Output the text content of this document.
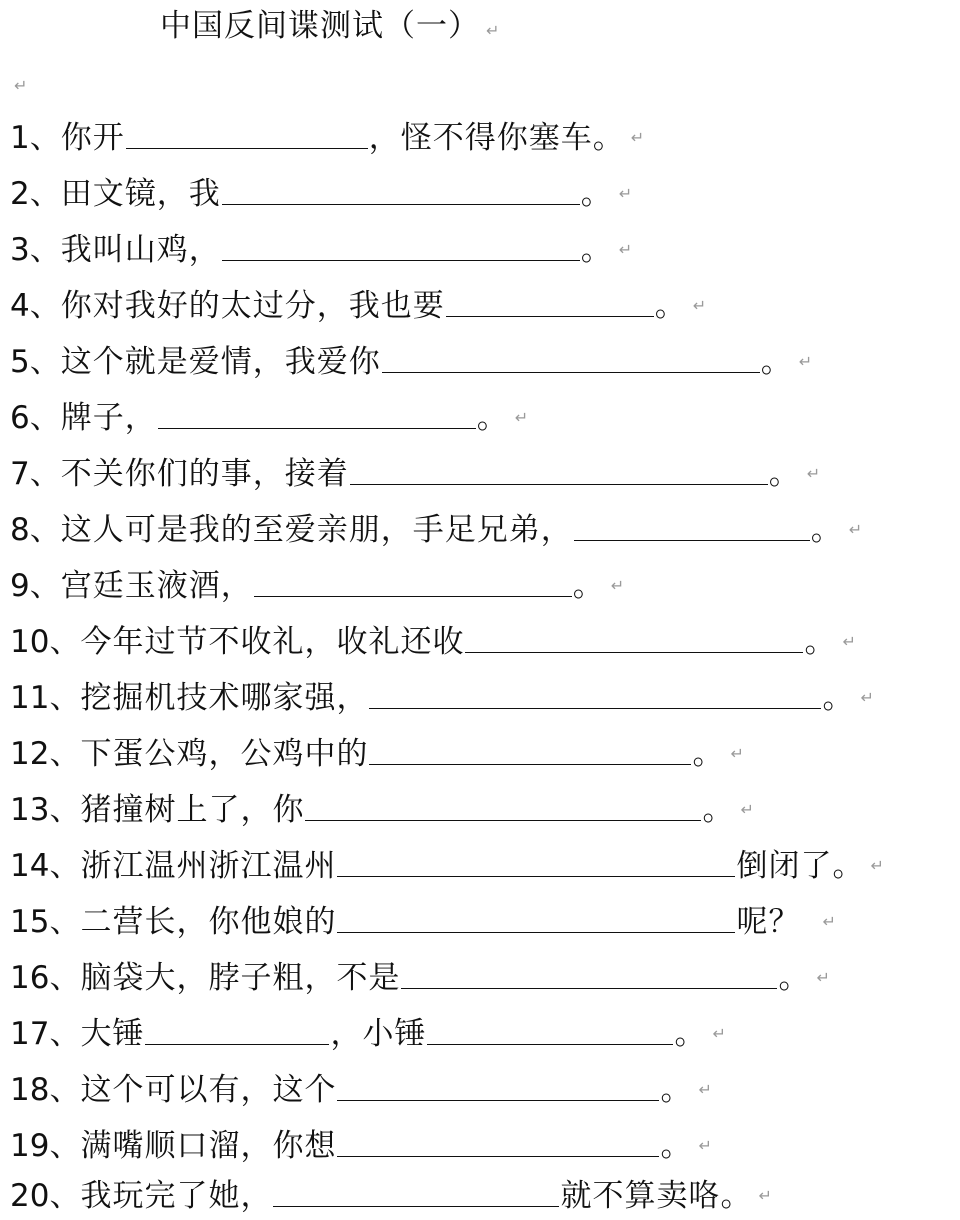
中国反间谍测试（一） ↵
↵
1、 你开	，怪不得你塞车。 ↵
2、 田文镜，我	。 ↵
3、 我叫山鸡，	。 ↵
4、 你对我好的太过分，我也要	。 ↵
5、 这个就是爱情，我爱你	。 ↵
6、 牌子，	。 ↵
7、 不关你们的事，接着	。 ↵
8、 这人可是我的至爱亲朋，手足兄弟，	。 ↵
9、 宫廷玉液酒，	。 ↵
10、 今年过节不收礼，收礼还收	。 ↵
11、 挖掘机技术哪家强，	。 ↵
12、 下蛋公鸡，公鸡中的	。 ↵
13、 猪撞树上了，你	。 ↵
14、 浙江温州浙江温州	倒闭了。 ↵
15、 二营长，你他娘的	呢？ ↵
16、 脑袋大，脖子粗，不是	。 ↵
17、 大锤	，小锤	。 ↵
18、 这个可以有，这个	。 ↵
19、 满嘴顺口溜，你想	。 ↵
20、 我玩完了她，	就不算卖咯。 ↵
